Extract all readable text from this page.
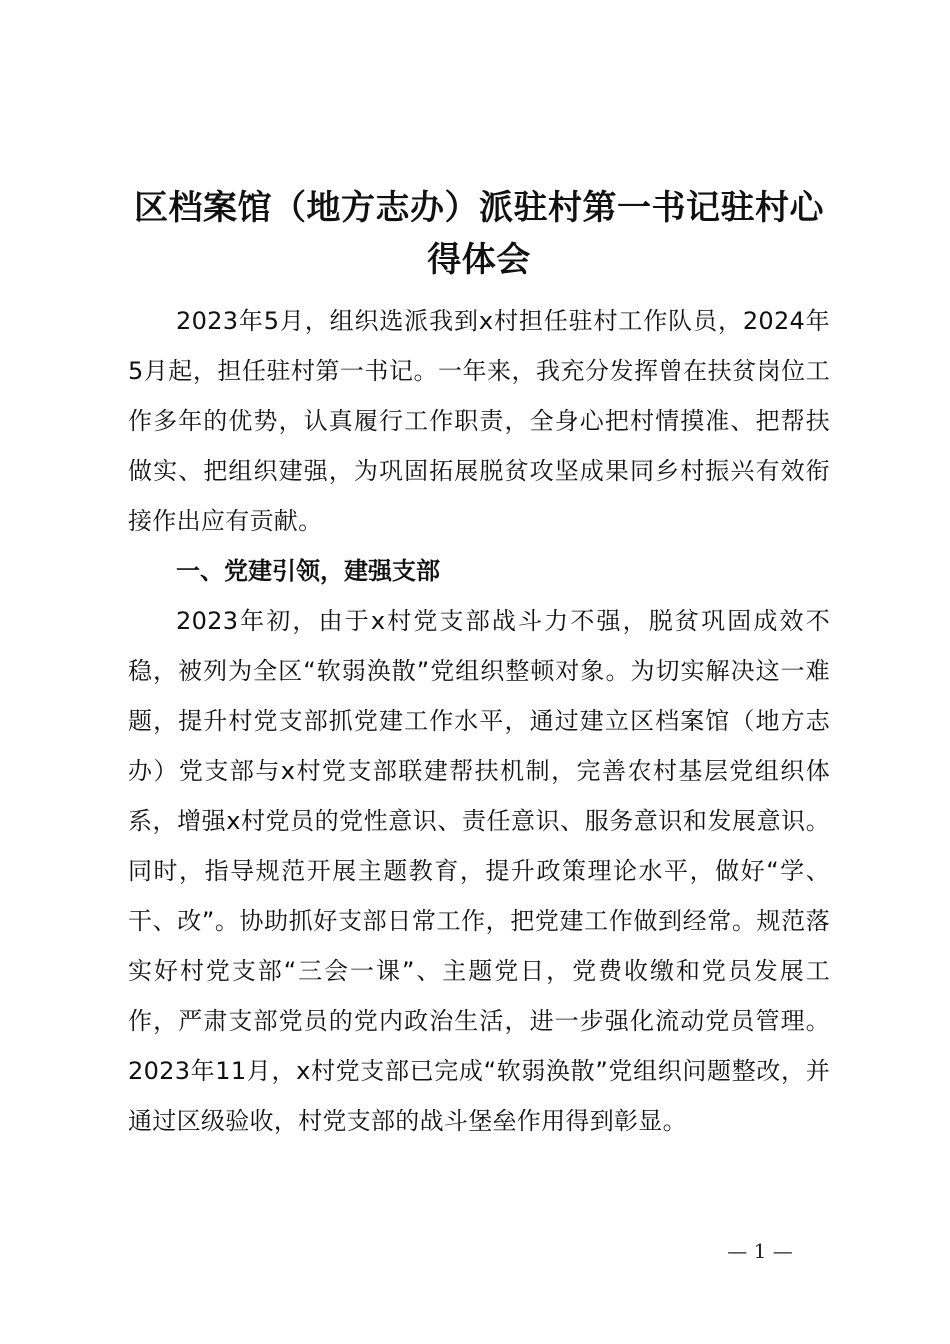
区档案馆（地方志办）派驻村第一书记驻村心得体会

2023年5月，组织选派我到x村担任驻村工作队员，2024年5月起，担任驻村第一书记。一年来，我充分发挥曾在扶贫岗位工作多年的优势，认真履行工作职责，全身心把村情摸准、把帮扶做实、把组织建强，为巩固拓展脱贫攻坚成果同乡村振兴有效衔接作出应有贡献。

一、党建引领，建强支部

2023年初，由于x村党支部战斗力不强，脱贫巩固成效不稳，被列为全区“软弱涣散”党组织整顿对象。为切实解决这一难题，提升村党支部抓党建工作水平，通过建立区档案馆（地方志办）党支部与x村党支部联建帮扶机制，完善农村基层党组织体系，增强x村党员的党性意识、责任意识、服务意识和发展意识。同时，指导规范开展主题教育，提升政策理论水平，做好“学、干、改”。协助抓好支部日常工作，把党建工作做到经常。规范落实好村党支部“三会一课”、主题党日，党费收缴和党员发展工作，严肃支部党员的党内政治生活，进一步强化流动党员管理。2023年11月，x村党支部已完成“软弱涣散”党组织问题整改，并通过区级验收，村党支部的战斗堡垒作用得到彰显。

— 1 —
